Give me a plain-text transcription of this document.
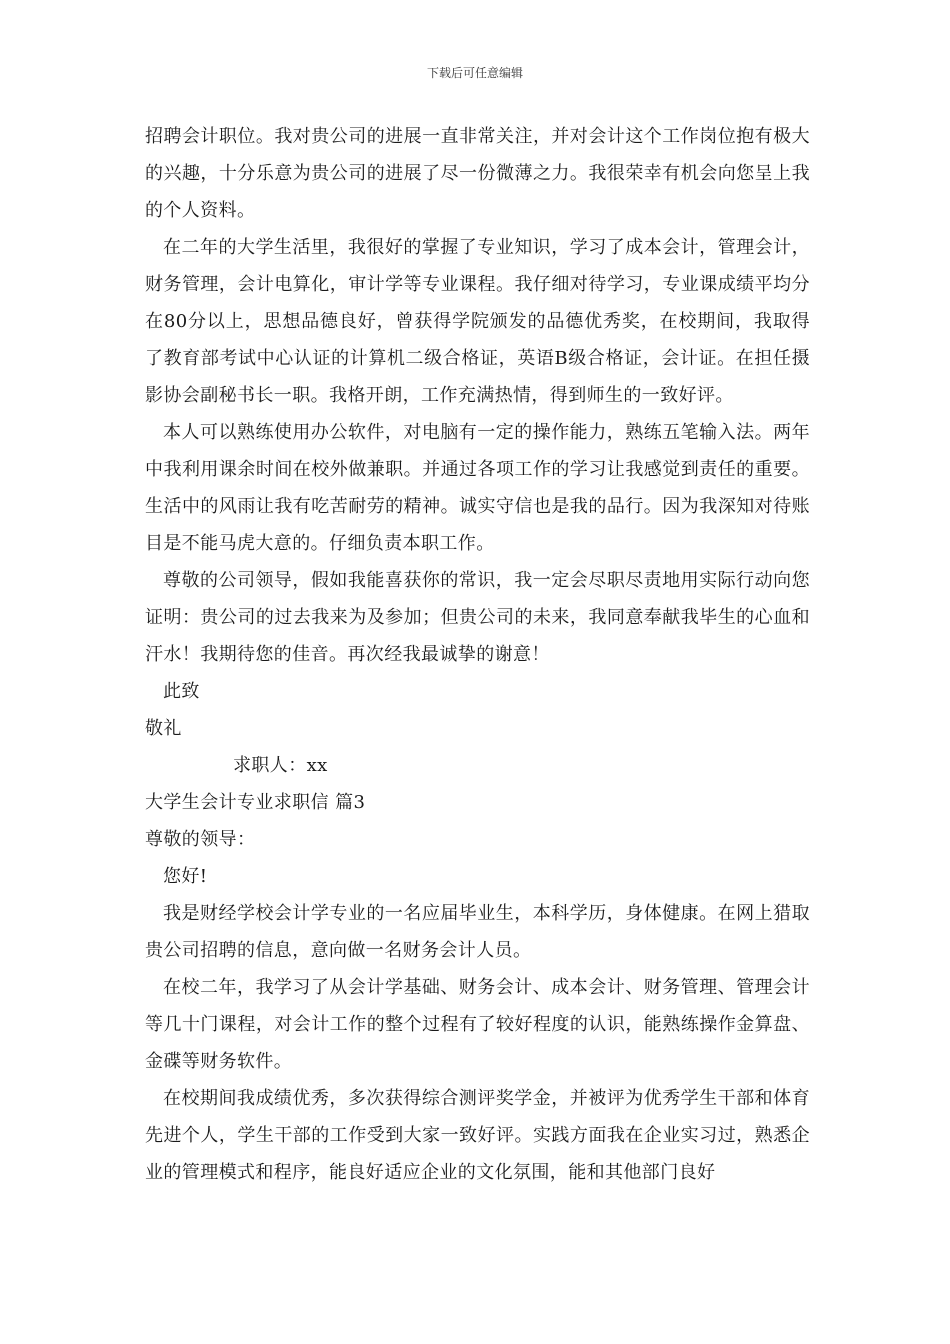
下载后可任意编辑

招聘会计职位。我对贵公司的进展一直非常关注，并对会计这个工作岗位抱有极大的兴趣，十分乐意为贵公司的进展了尽一份微薄之力。我很荣幸有机会向您呈上我的个人资料。

在二年的大学生活里，我很好的掌握了专业知识，学习了成本会计，管理会计，财务管理，会计电算化，审计学等专业课程。我仔细对待学习，专业课成绩平均分在80分以上，思想品德良好，曾获得学院颁发的品德优秀奖，在校期间，我取得了教育部考试中心认证的计算机二级合格证，英语B级合格证，会计证。在担任摄影协会副秘书长一职。我格开朗，工作充满热情，得到师生的一致好评。

本人可以熟练使用办公软件，对电脑有一定的操作能力，熟练五笔输入法。两年中我利用课余时间在校外做兼职。并通过各项工作的学习让我感觉到责任的重要。生活中的风雨让我有吃苦耐劳的精神。诚实守信也是我的品行。因为我深知对待账目是不能马虎大意的。仔细负责本职工作。

尊敬的公司领导，假如我能喜获你的常识，我一定会尽职尽责地用实际行动向您证明：贵公司的过去我来为及参加；但贵公司的未来，我同意奉献我毕生的心血和汗水！我期待您的佳音。再次经我最诚挚的谢意！

此致

敬礼

求职人：xx

大学生会计专业求职信 篇3

尊敬的领导：

您好!

我是财经学校会计学专业的一名应届毕业生，本科学历，身体健康。在网上猎取贵公司招聘的信息，意向做一名财务会计人员。

在校二年，我学习了从会计学基础、财务会计、成本会计、财务管理、管理会计等几十门课程，对会计工作的整个过程有了较好程度的认识，能熟练操作金算盘、金碟等财务软件。

在校期间我成绩优秀，多次获得综合测评奖学金，并被评为优秀学生干部和体育先进个人，学生干部的工作受到大家一致好评。实践方面我在企业实习过，熟悉企业的管理模式和程序，能良好适应企业的文化氛围，能和其他部门良好
